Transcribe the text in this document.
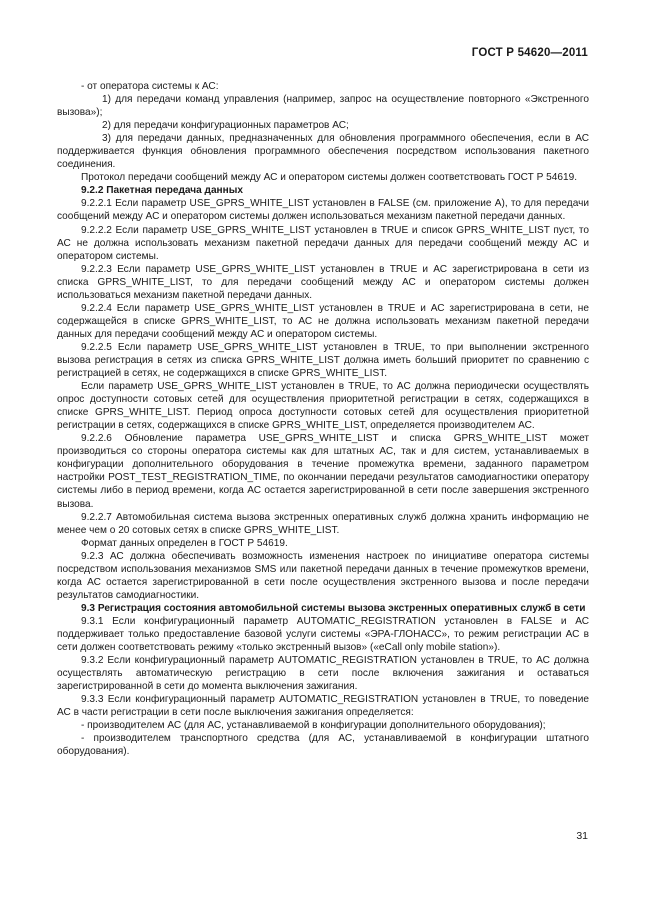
ГОСТ Р 54620—2011

- от оператора системы к АС:

1) для передачи команд управления (например, запрос на осуществление повторного «Экстренного вызова»);

2) для передачи конфигурационных параметров АС;

3) для передачи данных, предназначенных для обновления программного обеспечения, если в АС поддерживается функция обновления программного обеспечения посредством использования пакетного соединения.

Протокол передачи сообщений между АС и оператором системы должен соответствовать ГОСТ Р 54619.

9.2.2 Пакетная передача данных

9.2.2.1 Если параметр USE_GPRS_WHITE_LIST установлен в FALSE (см. приложение А), то для передачи сообщений между АС и оператором системы должен использоваться механизм пакетной передачи данных.

9.2.2.2 Если параметр USE_GPRS_WHITE_LIST установлен в TRUE и список GPRS_WHITE_LIST пуст, то АС не должна использовать механизм пакетной передачи данных для передачи сообщений между АС и оператором системы.

9.2.2.3 Если параметр USE_GPRS_WHITE_LIST установлен в TRUE и АС зарегистрирована в сети из списка GPRS_WHITE_LIST, то для передачи сообщений между АС и оператором системы должен использоваться механизм пакетной передачи данных.

9.2.2.4 Если параметр USE_GPRS_WHITE_LIST установлен в TRUE и АС зарегистрирована в сети, не содержащейся в списке GPRS_WHITE_LIST, то АС не должна использовать механизм пакетной передачи данных для передачи сообщений между АС и оператором системы.

9.2.2.5 Если параметр USE_GPRS_WHITE_LIST установлен в TRUE, то при выполнении экстренного вызова регистрация в сетях из списка GPRS_WHITE_LIST должна иметь больший приоритет по сравнению с регистрацией в сетях, не содержащихся в списке GPRS_WHITE_LIST.

Если параметр USE_GPRS_WHITE_LIST установлен в TRUE, то АС должна периодически осуществлять опрос доступности сотовых сетей для осуществления приоритетной регистрации в сетях, содержащихся в списке GPRS_WHITE_LIST. Период опроса доступности сотовых сетей для осуществления приоритетной регистрации в сетях, содержащихся в списке GPRS_WHITE_LIST, определяется производителем АС.

9.2.2.6 Обновление параметра USE_GPRS_WHITE_LIST и списка GPRS_WHITE_LIST может производиться со стороны оператора системы как для штатных АС, так и для систем, устанавливаемых в конфигурации дополнительного оборудования в течение промежутка времени, заданного параметром настройки POST_TEST_REGISTRATION_TIME, по окончании передачи результатов самодиагностики оператору системы либо в период времени, когда АС остается зарегистрированной в сети после завершения экстренного вызова.

9.2.2.7 Автомобильная система вызова экстренных оперативных служб должна хранить информацию не менее чем о 20 сотовых сетях в списке GPRS_WHITE_LIST.

Формат данных определен в ГОСТ Р 54619.

9.2.3 АС должна обеспечивать возможность изменения настроек по инициативе оператора системы посредством использования механизмов SMS или пакетной передачи данных в течение промежутков времени, когда АС остается зарегистрированной в сети после осуществления экстренного вызова и после передачи результатов самодиагностики.

9.3 Регистрация состояния автомобильной системы вызова экстренных оперативных служб в сети

9.3.1 Если конфигурационный параметр AUTOMATIC_REGISTRATION установлен в FALSE и АС поддерживает только предоставление базовой услуги системы «ЭРА-ГЛОНАСС», то режим регистрации АС в сети должен соответствовать режиму «только экстренный вызов» («eCall only mobile station»).

9.3.2 Если конфигурационный параметр AUTOMATIC_REGISTRATION установлен в TRUE, то АС должна осуществлять автоматическую регистрацию в сети после включения зажигания и оставаться зарегистрированной в сети до момента выключения зажигания.

9.3.3 Если конфигурационный параметр AUTOMATIC_REGISTRATION установлен в TRUE, то поведение АС в части регистрации в сети после выключения зажигания определяется:

- производителем АС (для АС, устанавливаемой в конфигурации дополнительного оборудования);

- производителем транспортного средства (для АС, устанавливаемой в конфигурации штатного оборудования).

31
